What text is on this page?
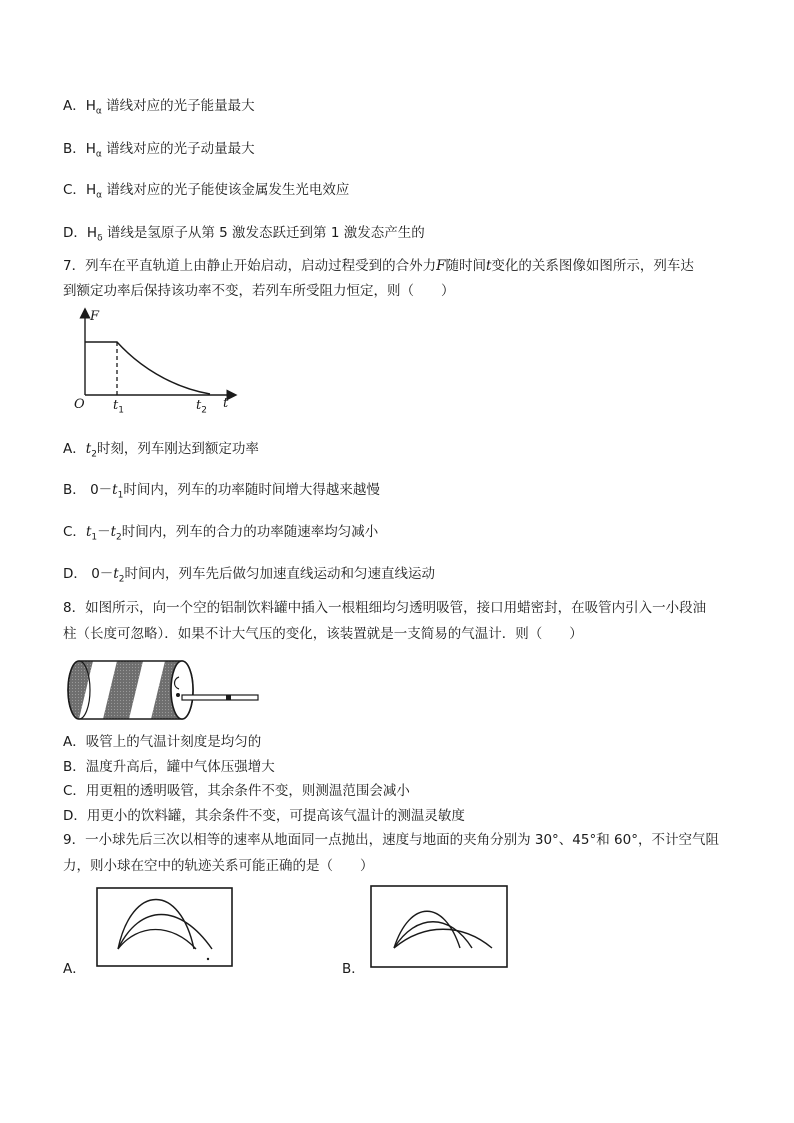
A．$H_\alpha$ 谱线对应的光子能量最大
B．$H_\alpha$ 谱线对应的光子动量最大
C．$H_\alpha$ 谱线对应的光子能使该金属发生光电效应
D．$H_\delta$ 谱线是氢原子从第 5 激发态跃迁到第 1 激发态产生的
7．列车在平直轨道上由静止开始启动，启动过程受到的合外力F随时间t变化的关系图像如图所示，列车达
到额定功率后保持该功率不变，若列车所受阻力恒定，则（　　）
F
O $t_1$	$t_2$ t
A．$t_2$时刻，列车刚达到额定功率
B． $0-t_1$时间内，列车的功率随时间增大得越来越慢
C．$t_1-t_2$时间内，列车的合力的功率随速率均匀减小
D． $0-t_2$时间内，列车先后做匀加速直线运动和匀速直线运动
8．如图所示，向一个空的铝制饮料罐中插入一根粗细均匀透明吸管，接口用蜡密封，在吸管内引入一小段油
柱（长度可忽略）．如果不计大气压的变化，该装置就是一支简易的气温计．则（　　）
A．吸管上的气温计刻度是均匀的
B．温度升高后，罐中气体压强增大
C．用更粗的透明吸管，其余条件不变，则测温范围会减小
D．用更小的饮料罐，其余条件不变，可提高该气温计的测温灵敏度
9．一小球先后三次以相等的速率从地面同一点抛出，速度与地面的夹角分别为 30°、45°和 60°，不计空气阻
力，则小球在空中的轨迹关系可能正确的是（　　）
A．	B．
